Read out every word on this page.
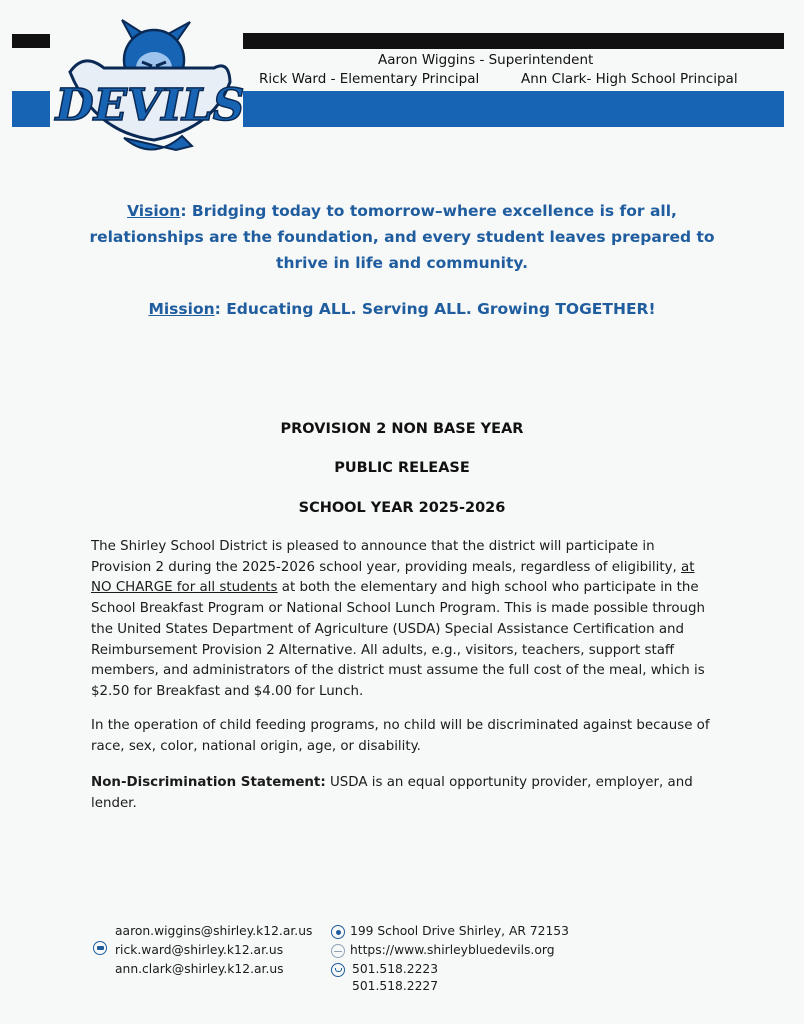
Aaron Wiggins - Superintendent
Rick Ward - Elementary Principal	Ann Clark- High School Principal
DEVILS
Vision: Bridging today to tomorrow–where excellence is for all, relationships are the foundation, and every student leaves prepared to thrive in life and community.
Mission: Educating ALL. Serving ALL. Growing TOGETHER!
PROVISION 2 NON BASE YEAR
PUBLIC RELEASE
SCHOOL YEAR 2025-2026
The Shirley School District is pleased to announce that the district will participate in Provision 2 during the 2025-2026 school year, providing meals, regardless of eligibility, at NO CHARGE for all students at both the elementary and high school who participate in the School Breakfast Program or National School Lunch Program. This is made possible through the United States Department of Agriculture (USDA) Special Assistance Certification and Reimbursement Provision 2 Alternative. All adults, e.g., visitors, teachers, support staff members, and administrators of the district must assume the full cost of the meal, which is $2.50 for Breakfast and $4.00 for Lunch.
In the operation of child feeding programs, no child will be discriminated against because of race, sex, color, national origin, age, or disability.
Non-Discrimination Statement: USDA is an equal opportunity provider, employer, and lender.
aaron.wiggins@shirley.k12.ar.us
rick.ward@shirley.k12.ar.us
ann.clark@shirley.k12.ar.us
199 School Drive Shirley, AR 72153
https://www.shirleybluedevils.org
501.518.2223
501.518.2227
